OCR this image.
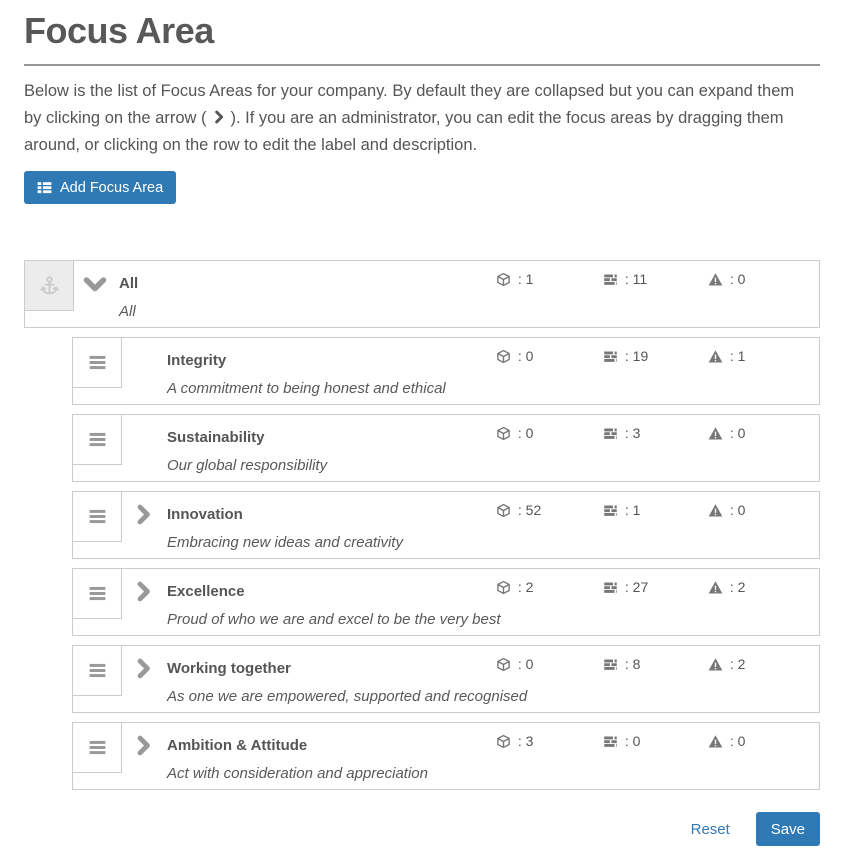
Focus Area

Below is the list of Focus Areas for your company. By default they are collapsed but you can expand them by clicking on the arrow ( ). If you are an administrator, you can edit the focus areas by dragging them around, or clicking on the row to edit the label and description.

Add Focus Area
All
All
: 1	: 11	: 0
Integrity
A commitment to being honest and ethical
: 0	: 19	: 1
Sustainability
Our global responsibility
: 0	: 3	: 0
Innovation
Embracing new ideas and creativity
: 52	: 1	: 0
Excellence
Proud of who we are and excel to be the very best
: 2	: 27	: 2
Working together
As one we are empowered, supported and recognised
: 0	: 8	: 2
Ambition & Attitude
Act with consideration and appreciation
: 3	: 0	: 0
Reset	Save
